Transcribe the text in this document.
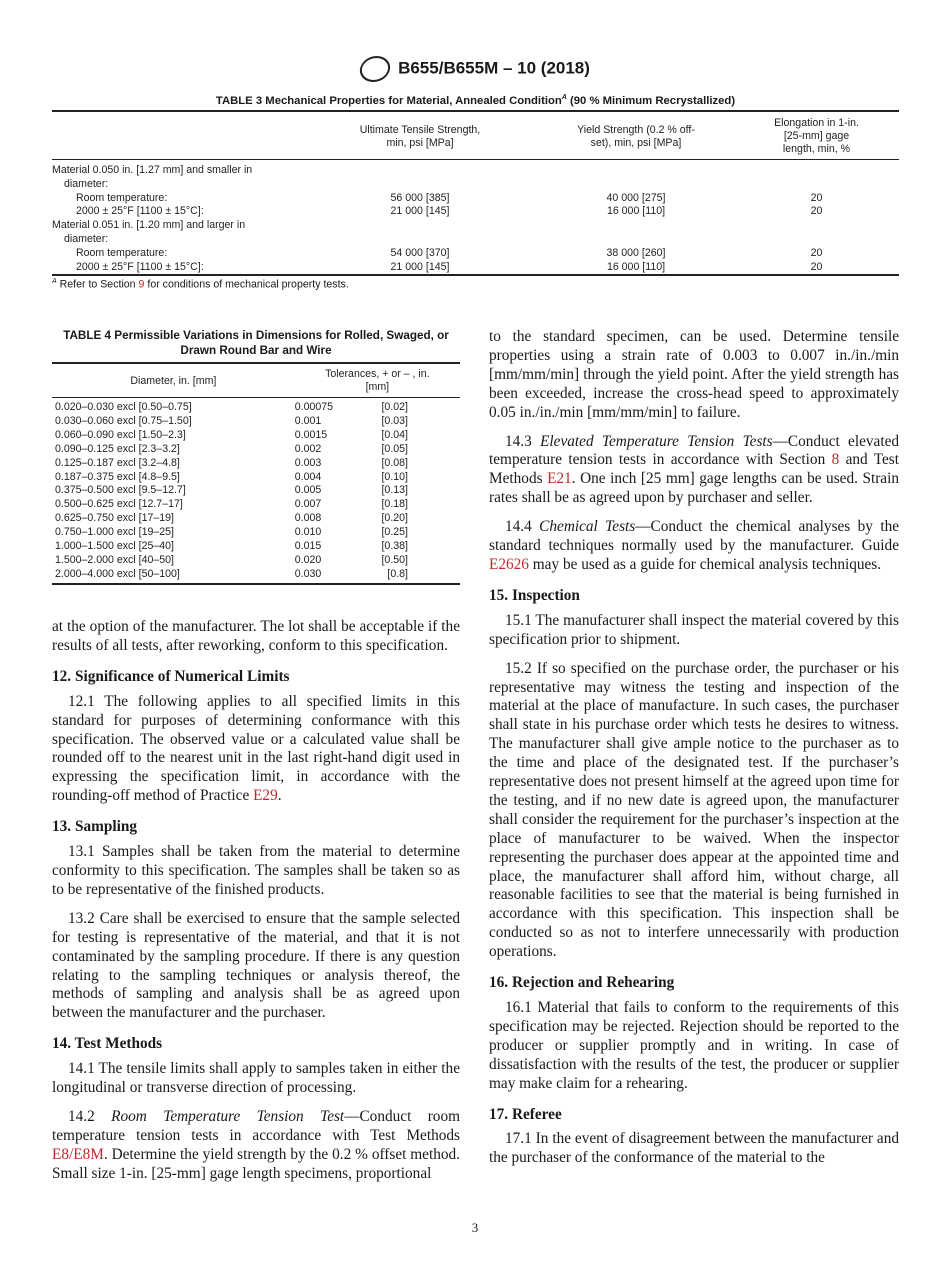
B655/B655M – 10 (2018)
TABLE 3 Mechanical Properties for Material, Annealed Condition$^A$ (90 % Minimum Recrystallized)

	Ultimate Tensile Strength, min, psi [MPa]	Yield Strength (0.2 % off-set), min, psi [MPa]	Elongation in 1-in. [25-mm] gage length, min, %

Material 0.050 in. [1.27 mm] and smaller in diameter:			
Room temperature:	56 000 [385]	40 000 [275]	20
2000 ± 25°F [1100 ± 15°C]:	21 000 [145]	16 000 [110]	20
Material 0.051 in. [1.20 mm] and larger in diameter:			
Room temperature:	54 000 [370]	38 000 [260]	20
2000 ± 25°F [1100 ± 15°C]:	21 000 [145]	16 000 [110]	20
$^A$ Refer to Section 9 for conditions of mechanical property tests.
TABLE 4 Permissible Variations in Dimensions for Rolled, Swaged, or Drawn Round Bar and Wire
Diameter, in. [mm]	Tolerances, + or – , in. [mm]	

0.020–0.030 excl [0.50–0.75]	0.00075	[0.02]
0.030–0.060 excl [0.75–1.50]	0.001	[0.03]
0.060–0.090 excl [1.50–2.3]	0.0015	[0.04]
0.090–0.125 excl [2.3–3.2]	0.002	[0.05]
0.125–0.187 excl [3.2–4.8]	0.003	[0.08]
0.187–0.375 excl [4.8–9.5]	0.004	[0.10]
0.375–0.500 excl [9.5–12.7]	0.005	[0.13]
0.500–0.625 excl [12.7–17]	0.007	[0.18]
0.625–0.750 excl [17–19]	0.008	[0.20]
0.750–1.000 excl [19–25]	0.010	[0.25]
1.000–1.500 excl [25–40]	0.015	[0.38]
1.500–2.000 excl [40–50]	0.020	[0.50]
2.000–4.000 excl [50–100]	0.030	[0.8]

at the option of the manufacturer. The lot shall be acceptable if the results of all tests, after reworking, conform to this specification.

12. Significance of Numerical Limits

12.1 The following applies to all specified limits in this standard for purposes of determining conformance with this specification. The observed value or a calculated value shall be rounded off to the nearest unit in the last right-hand digit used in expressing the specification limit, in accordance with the rounding-off method of Practice E29.

13. Sampling

13.1 Samples shall be taken from the material to determine conformity to this specification. The samples shall be taken so as to be representative of the finished products.

13.2 Care shall be exercised to ensure that the sample selected for testing is representative of the material, and that it is not contaminated by the sampling procedure. If there is any question relating to the sampling techniques or analysis thereof, the methods of sampling and analysis shall be as agreed upon between the manufacturer and the purchaser.

14. Test Methods

14.1 The tensile limits shall apply to samples taken in either the longitudinal or transverse direction of processing.

14.2 Room Temperature Tension Test—Conduct room temperature tension tests in accordance with Test Methods E8/E8M. Determine the yield strength by the 0.2 % offset method. Small size 1-in. [25-mm] gage length specimens, proportional

to the standard specimen, can be used. Determine tensile properties using a strain rate of 0.003 to 0.007 in./in./min [mm/mm/min] through the yield point. After the yield strength has been exceeded, increase the cross-head speed to approximately 0.05 in./in./min [mm/mm/min] to failure.

14.3 Elevated Temperature Tension Tests—Conduct elevated temperature tension tests in accordance with Section 8 and Test Methods E21. One inch [25 mm] gage lengths can be used. Strain rates shall be as agreed upon by purchaser and seller.

14.4 Chemical Tests—Conduct the chemical analyses by the standard techniques normally used by the manufacturer. Guide E2626 may be used as a guide for chemical analysis techniques.

15. Inspection

15.1 The manufacturer shall inspect the material covered by this specification prior to shipment.

15.2 If so specified on the purchase order, the purchaser or his representative may witness the testing and inspection of the material at the place of manufacture. In such cases, the purchaser shall state in his purchase order which tests he desires to witness. The manufacturer shall give ample notice to the purchaser as to the time and place of the designated test. If the purchaser’s representative does not present himself at the agreed upon time for the testing, and if no new date is agreed upon, the manufacturer shall consider the requirement for the purchaser’s inspection at the place of manufacturer to be waived. When the inspector representing the purchaser does appear at the appointed time and place, the manufacturer shall afford him, without charge, all reasonable facilities to see that the material is being furnished in accordance with this specification. This inspection shall be conducted so as not to interfere unnecessarily with production operations.

16. Rejection and Rehearing

16.1 Material that fails to conform to the requirements of this specification may be rejected. Rejection should be reported to the producer or supplier promptly and in writing. In case of dissatisfaction with the results of the test, the producer or supplier may make claim for a rehearing.

17. Referee

17.1 In the event of disagreement between the manufacturer and the purchaser of the conformance of the material to the

3
